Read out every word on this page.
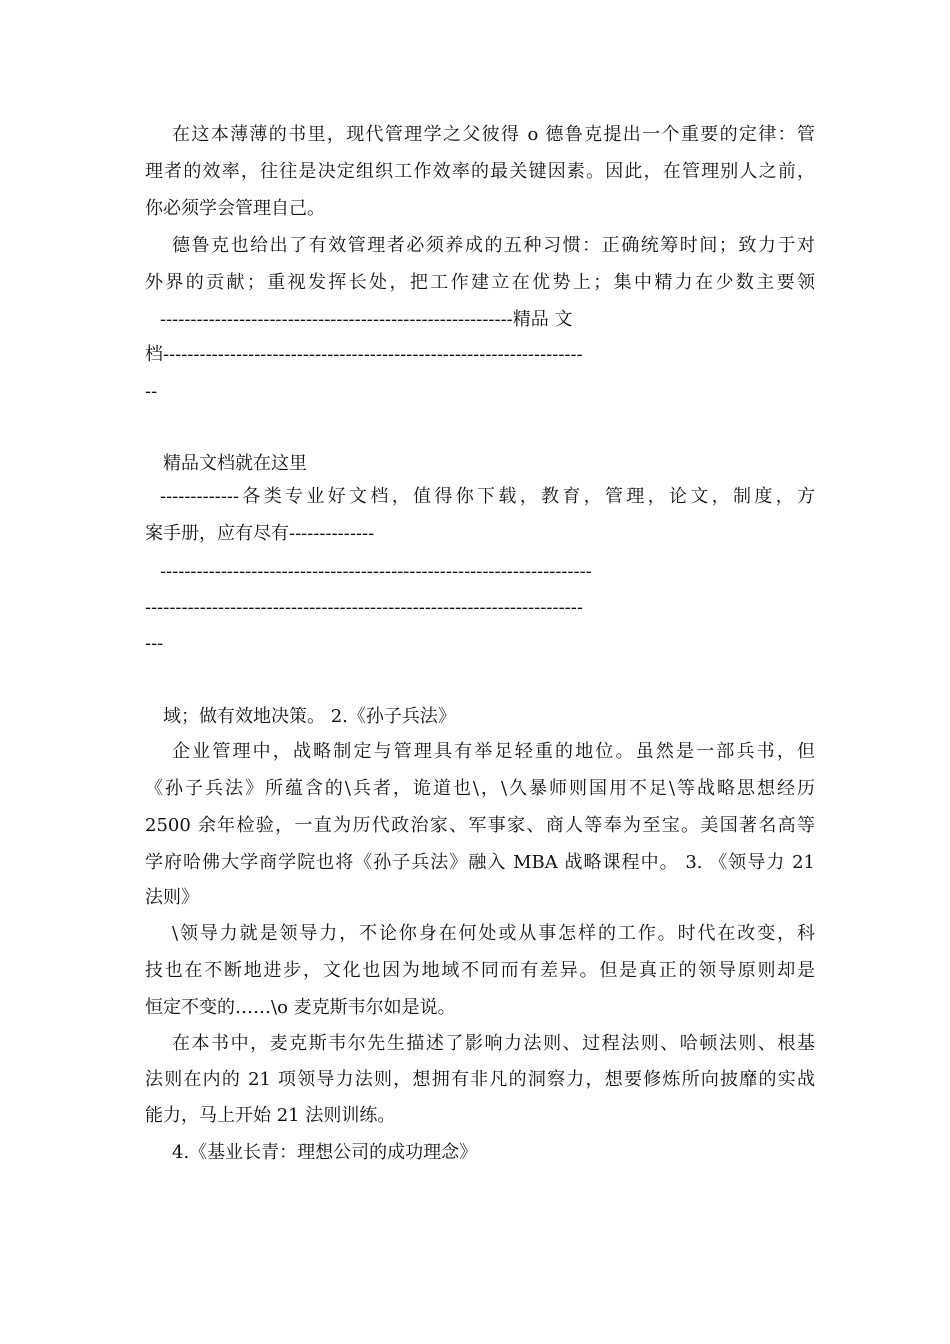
在这本薄薄的书里，现代管理学之父彼得 o 德鲁克提出一个重要的定律：管
理者的效率，往往是决定组织工作效率的最关键因素。因此，在管理别人之前，
你必须学会管理自己。
德鲁克也给出了有效管理者必须养成的五种习惯：正确统筹时间；致力于对
外界的贡献；重视发挥长处，把工作建立在优势上；集中精力在少数主要领
----------------------------------------------------------精品 文
档---------------------------------------------------------------------
--
精品文档就在这里
-------------各类专业好文档，值得你下载，教育，管理，论文，制度，方
案手册，应有尽有--------------
-----------------------------------------------------------------------
------------------------------------------------------------------------
---
域；做有效地决策。 2.《孙子兵法》
企业管理中，战略制定与管理具有举足轻重的地位。虽然是一部兵书，但
《孙子兵法》所蕴含的\兵者，诡道也\，\久暴师则国用不足\等战略思想经历
2500 余年检验，一直为历代政治家、军事家、商人等奉为至宝。美国著名高等
学府哈佛大学商学院也将《孙子兵法》融入 MBA 战略课程中。 3. 《领导力 21
法则》
\领导力就是领导力，不论你身在何处或从事怎样的工作。时代在改变，科
技也在不断地进步，文化也因为地域不同而有差异。但是真正的领导原则却是
恒定不变的……\o 麦克斯韦尔如是说。
在本书中，麦克斯韦尔先生描述了影响力法则、过程法则、哈顿法则、根基
法则在内的 21 项领导力法则，想拥有非凡的洞察力，想要修炼所向披靡的实战
能力，马上开始 21 法则训练。
4.《基业长青：理想公司的成功理念》
